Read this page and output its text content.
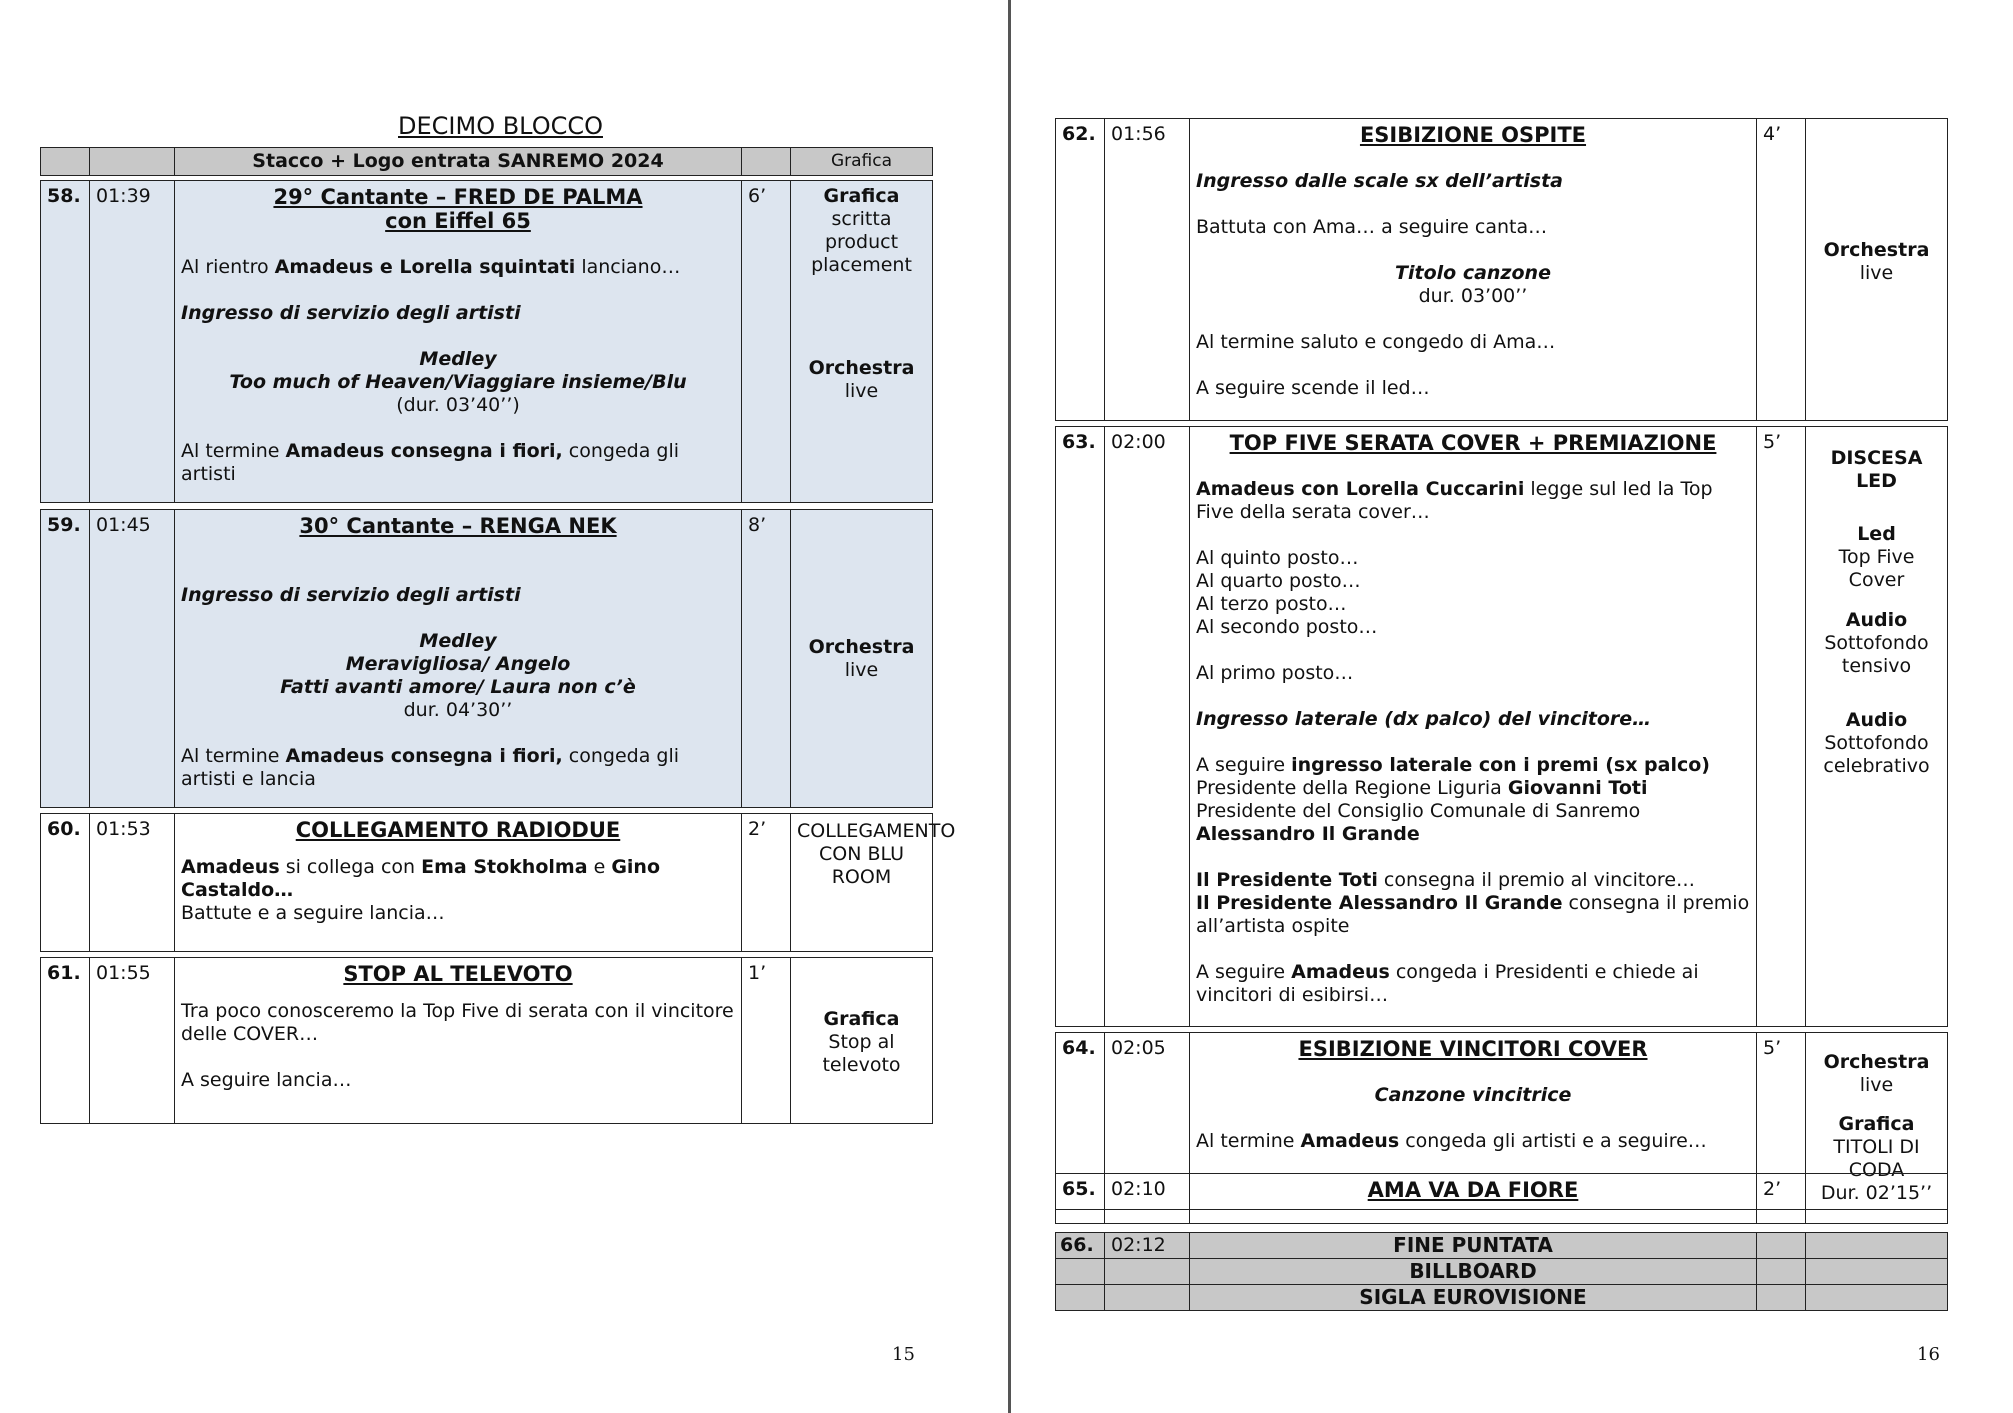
DECIMO BLOCCO
		Stacco + Logo entrata SANREMO 2024		Grafica
58.	01:39	29° Cantante – FRED DE PALMA
con Eiffel 65
Al rientro Amadeus e Lorella squintati lanciano…
Ingresso di servizio degli artisti
Medley
Too much of Heaven/Viaggiare insieme/Blu
(dur. 03’40’’)
Al termine Amadeus consegna i fiori, congeda gli artisti
	6’	Grafica
scritta product placement
Orchestra
live
59.	01:45	30° Cantante – RENGA NEK
Ingresso di servizio degli artisti
Medley
Meravigliosa/ Angelo
Fatti avanti amore/ Laura non c’è
dur. 04’30’’
Al termine Amadeus consegna i fiori, congeda gli artisti e lancia
	8’	
Orchestra
live
60.	01:53	COLLEGAMENTO RADIODUE
Amadeus si collega con Ema Stokholma e Gino Castaldo…
Battute e a seguire lancia…
	2’	COLLEGAMENTO
CON BLU ROOM
61.	01:55	STOP AL TELEVOTO
Tra poco conosceremo la Top Five di serata con il vincitore delle COVER…
A seguire lancia…
	1’	
Grafica
Stop al televoto
15
62.	01:56	ESIBIZIONE OSPITE
Ingresso dalle scale sx dell’artista
Battuta con Ama… a seguire canta…
Titolo canzone
dur. 03’00’’
Al termine saluto e congedo di Ama…
A seguire scende il led…
	4’	
Orchestra
live
63.	02:00	TOP FIVE SERATA COVER + PREMIAZIONE
Amadeus con Lorella Cuccarini legge sul led la Top Five della serata cover…
Al quinto posto…
Al quarto posto…
Al terzo posto…
Al secondo posto…
Al primo posto…
Ingresso laterale (dx palco) del vincitore…
A seguire ingresso laterale con i premi (sx palco)
Presidente della Regione Liguria Giovanni Toti
Presidente del Consiglio Comunale di Sanremo
Alessandro Il Grande
Il Presidente Toti consegna il premio al vincitore…
Il Presidente Alessandro Il Grande consegna il premio all’artista ospite
A seguire Amadeus congeda i Presidenti e chiede ai vincitori di esibirsi…
	5’	
DISCESA LED
Led
Top Five Cover
Audio
Sottofondo tensivo
Audio
Sottofondo celebrativo
64.	02:05	ESIBIZIONE VINCITORI COVER
Canzone vincitrice
Al termine Amadeus congeda gli artisti e a seguire…
	5’	
Orchestra
live
Grafica
TITOLI DI CODA
Dur. 02’15’’
65.	02:10	AMA VA DA FIORE	2’	
66.	02:12	FINE PUNTATA		
		BILLBOARD		
		SIGLA EUROVISIONE		
16
